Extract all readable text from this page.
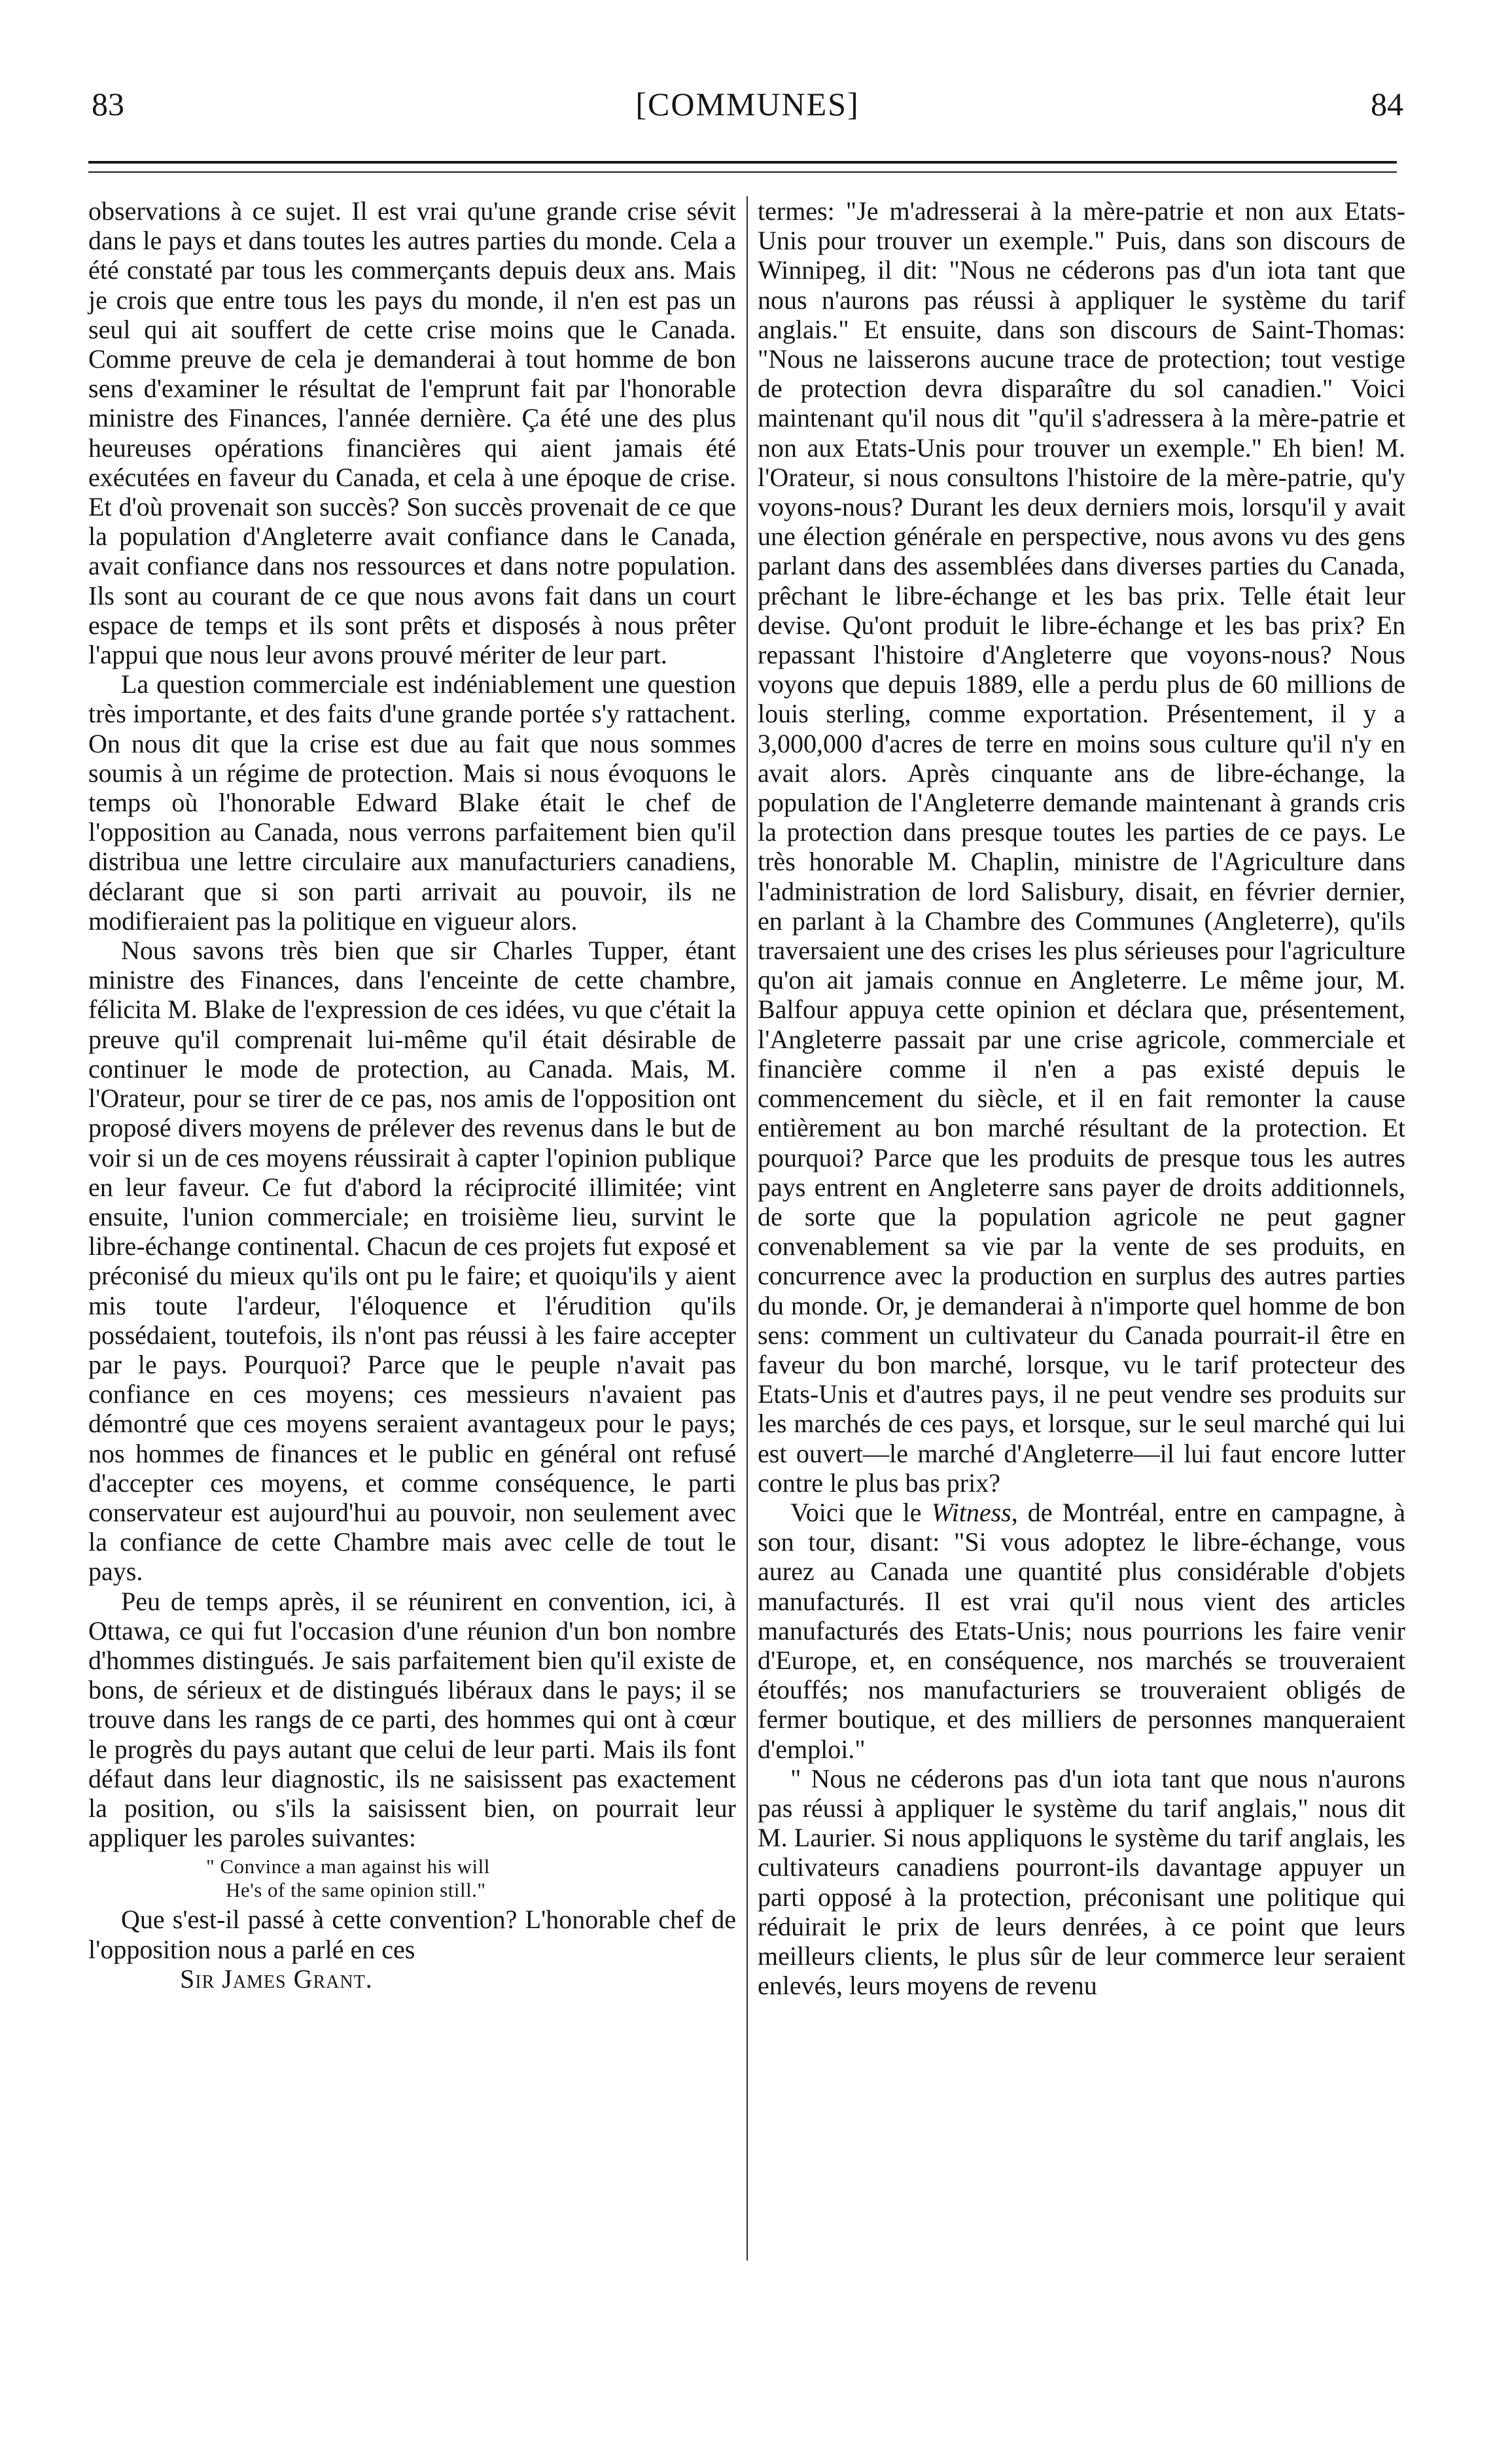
83	[COMMUNES]	84

observations à ce sujet. Il est vrai qu'une grande crise sévit dans le pays et dans toutes les autres parties du monde. Cela a été constaté par tous les commerçants depuis deux ans. Mais je crois que entre tous les pays du monde, il n'en est pas un seul qui ait souffert de cette crise moins que le Canada. Comme preuve de cela je demanderai à tout homme de bon sens d'examiner le résultat de l'emprunt fait par l'honorable ministre des Finances, l'année dernière. Ça été une des plus heureuses opérations financières qui aient jamais été exécutées en faveur du Canada, et cela à une époque de crise. Et d'où provenait son succès? Son succès provenait de ce que la population d'Angleterre avait confiance dans le Canada, avait confiance dans nos ressources et dans notre population. Ils sont au courant de ce que nous avons fait dans un court espace de temps et ils sont prêts et disposés à nous prêter l'appui que nous leur avons prouvé mériter de leur part.

La question commerciale est indéniablement une question très importante, et des faits d'une grande portée s'y rattachent. On nous dit que la crise est due au fait que nous sommes soumis à un régime de protection. Mais si nous évoquons le temps où l'honorable Edward Blake était le chef de l'opposition au Canada, nous verrons parfaitement bien qu'il distribua une lettre circulaire aux manufacturiers canadiens, déclarant que si son parti arrivait au pouvoir, ils ne modifieraient pas la politique en vigueur alors.

Nous savons très bien que sir Charles Tupper, étant ministre des Finances, dans l'enceinte de cette chambre, félicita M. Blake de l'expression de ces idées, vu que c'était la preuve qu'il comprenait lui-même qu'il était désirable de continuer le mode de protection, au Canada. Mais, M. l'Orateur, pour se tirer de ce pas, nos amis de l'opposition ont proposé divers moyens de prélever des revenus dans le but de voir si un de ces moyens réussirait à capter l'opinion publique en leur faveur. Ce fut d'abord la réciprocité illimitée; vint ensuite, l'union commerciale; en troisième lieu, survint le libre-échange continental. Chacun de ces projets fut exposé et préconisé du mieux qu'ils ont pu le faire; et quoiqu'ils y aient mis toute l'ardeur, l'éloquence et l'érudition qu'ils possédaient, toutefois, ils n'ont pas réussi à les faire accepter par le pays. Pourquoi? Parce que le peuple n'avait pas confiance en ces moyens; ces messieurs n'avaient pas démontré que ces moyens seraient avantageux pour le pays; nos hommes de finances et le public en général ont refusé d'accepter ces moyens, et comme conséquence, le parti conservateur est aujourd'hui au pouvoir, non seulement avec la confiance de cette Chambre mais avec celle de tout le pays.

Peu de temps après, il se réunirent en convention, ici, à Ottawa, ce qui fut l'occasion d'une réunion d'un bon nombre d'hommes distingués. Je sais parfaitement bien qu'il existe de bons, de sérieux et de distingués libéraux dans le pays; il se trouve dans les rangs de ce parti, des hommes qui ont à cœur le progrès du pays autant que celui de leur parti. Mais ils font défaut dans leur diagnostic, ils ne saisissent pas exactement la position, ou s'ils la saisissent bien, on pourrait leur appliquer les paroles suivantes:

" Convince a man against his will
He's of the same opinion still."

Que s'est-il passé à cette convention? L'honorable chef de l'opposition nous a parlé en ces

Sir James Grant.

termes: "Je m'adresserai à la mère-patrie et non aux Etats-Unis pour trouver un exemple." Puis, dans son discours de Winnipeg, il dit: "Nous ne céderons pas d'un iota tant que nous n'aurons pas réussi à appliquer le système du tarif anglais." Et ensuite, dans son discours de Saint-Thomas: "Nous ne laisserons aucune trace de protection; tout vestige de protection devra disparaître du sol canadien." Voici maintenant qu'il nous dit "qu'il s'adressera à la mère-patrie et non aux Etats-Unis pour trouver un exemple." Eh bien! M. l'Orateur, si nous consultons l'histoire de la mère-patrie, qu'y voyons-nous? Durant les deux derniers mois, lorsqu'il y avait une élection générale en perspective, nous avons vu des gens parlant dans des assemblées dans diverses parties du Canada, prêchant le libre-échange et les bas prix. Telle était leur devise. Qu'ont produit le libre-échange et les bas prix? En repassant l'histoire d'Angleterre que voyons-nous? Nous voyons que depuis 1889, elle a perdu plus de 60 millions de louis sterling, comme exportation. Présentement, il y a 3,000,000 d'acres de terre en moins sous culture qu'il n'y en avait alors. Après cinquante ans de libre-échange, la population de l'Angleterre demande maintenant à grands cris la protection dans presque toutes les parties de ce pays. Le très honorable M. Chaplin, ministre de l'Agriculture dans l'administration de lord Salisbury, disait, en février dernier, en parlant à la Chambre des Communes (Angleterre), qu'ils traversaient une des crises les plus sérieuses pour l'agriculture qu'on ait jamais connue en Angleterre. Le même jour, M. Balfour appuya cette opinion et déclara que, présentement, l'Angleterre passait par une crise agricole, commerciale et financière comme il n'en a pas existé depuis le commencement du siècle, et il en fait remonter la cause entièrement au bon marché résultant de la protection. Et pourquoi? Parce que les produits de presque tous les autres pays entrent en Angleterre sans payer de droits additionnels, de sorte que la population agricole ne peut gagner convenablement sa vie par la vente de ses produits, en concurrence avec la production en surplus des autres parties du monde. Or, je demanderai à n'importe quel homme de bon sens: comment un cultivateur du Canada pourrait-il être en faveur du bon marché, lorsque, vu le tarif protecteur des Etats-Unis et d'autres pays, il ne peut vendre ses produits sur les marchés de ces pays, et lorsque, sur le seul marché qui lui est ouvert—le marché d'Angleterre—il lui faut encore lutter contre le plus bas prix?

Voici que le Witness, de Montréal, entre en campagne, à son tour, disant: "Si vous adoptez le libre-échange, vous aurez au Canada une quantité plus considérable d'objets manufacturés. Il est vrai qu'il nous vient des articles manufacturés des Etats-Unis; nous pourrions les faire venir d'Europe, et, en conséquence, nos marchés se trouveraient étouffés; nos manufacturiers se trouveraient obligés de fermer boutique, et des milliers de personnes manqueraient d'emploi."

" Nous ne céderons pas d'un iota tant que nous n'aurons pas réussi à appliquer le système du tarif anglais," nous dit M. Laurier. Si nous appliquons le système du tarif anglais, les cultivateurs canadiens pourront-ils davantage appuyer un parti opposé à la protection, préconisant une politique qui réduirait le prix de leurs denrées, à ce point que leurs meilleurs clients, le plus sûr de leur commerce leur seraient enlevés, leurs moyens de revenu
